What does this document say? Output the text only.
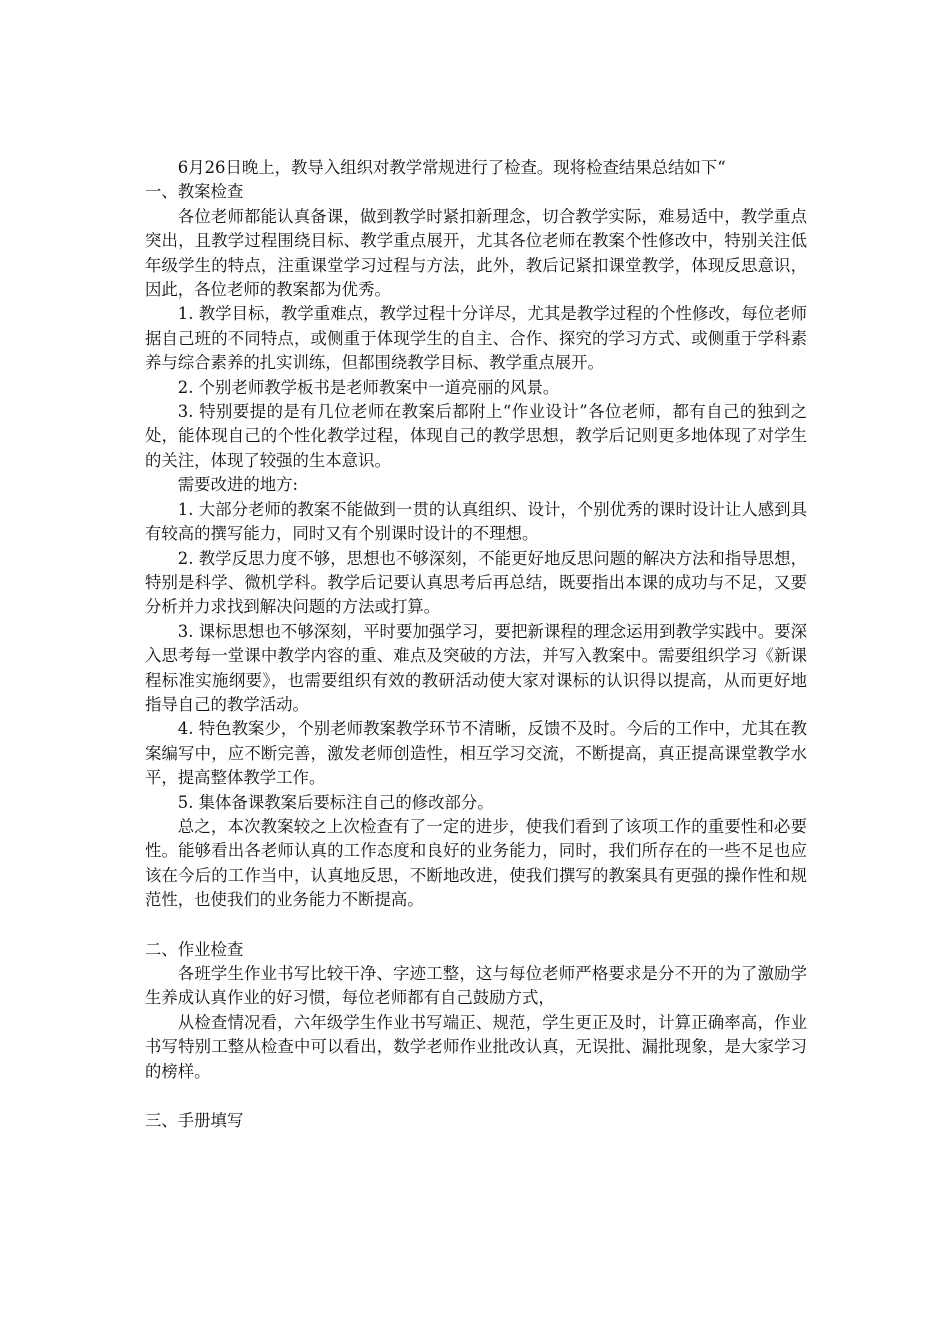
6月26日晚上，教导入组织对教学常规进行了检查。现将检查结果总结如下“

一、教案检查

各位老师都能认真备课，做到教学时紧扣新理念，切合教学实际，难易适中，教学重点突出，且教学过程围绕目标、教学重点展开，尤其各位老师在教案个性修改中，特别关注低年级学生的特点，注重课堂学习过程与方法，此外，教后记紧扣课堂教学，体现反思意识，因此，各位老师的教案都为优秀。

1. 教学目标，教学重难点，教学过程十分详尽，尤其是教学过程的个性修改，每位老师据自己班的不同特点，或侧重于体现学生的自主、合作、探究的学习方式、或侧重于学科素养与综合素养的扎实训练，但都围绕教学目标、教学重点展开。

2. 个别老师教学板书是老师教案中一道亮丽的风景。

3. 特别要提的是有几位老师在教案后都附上“作业设计”各位老师，都有自己的独到之处，能体现自己的个性化教学过程，体现自己的教学思想，教学后记则更多地体现了对学生的关注，体现了较强的生本意识。

需要改进的地方:

1. 大部分老师的教案不能做到一贯的认真组织、设计，个别优秀的课时设计让人感到具有较高的撰写能力，同时又有个别课时设计的不理想。

2. 教学反思力度不够，思想也不够深刻，不能更好地反思问题的解决方法和指导思想，特别是科学、微机学科。教学后记要认真思考后再总结，既要指出本课的成功与不足，又要分析并力求找到解决问题的方法或打算。

3. 课标思想也不够深刻，平时要加强学习，要把新课程的理念运用到教学实践中。要深入思考每一堂课中教学内容的重、难点及突破的方法，并写入教案中。需要组织学习《新课程标准实施纲要》，也需要组织有效的教研活动使大家对课标的认识得以提高，从而更好地指导自己的教学活动。

4. 特色教案少，个别老师教案教学环节不清晰，反馈不及时。今后的工作中，尤其在教案编写中，应不断完善，激发老师创造性，相互学习交流，不断提高，真正提高课堂教学水平，提高整体教学工作。

5. 集体备课教案后要标注自己的修改部分。

总之，本次教案较之上次检查有了一定的进步，使我们看到了该项工作的重要性和必要性。能够看出各老师认真的工作态度和良好的业务能力，同时，我们所存在的一些不足也应该在今后的工作当中，认真地反思，不断地改进，使我们撰写的教案具有更强的操作性和规范性，也使我们的业务能力不断提高。

二、作业检查

各班学生作业书写比较干净、字迹工整，这与每位老师严格要求是分不开的为了激励学生养成认真作业的好习惯，每位老师都有自己鼓励方式，

从检查情况看，六年级学生作业书写端正、规范，学生更正及时，计算正确率高，作业书写特别工整从检查中可以看出，数学老师作业批改认真，无误批、漏批现象，是大家学习的榜样。

三、手册填写
